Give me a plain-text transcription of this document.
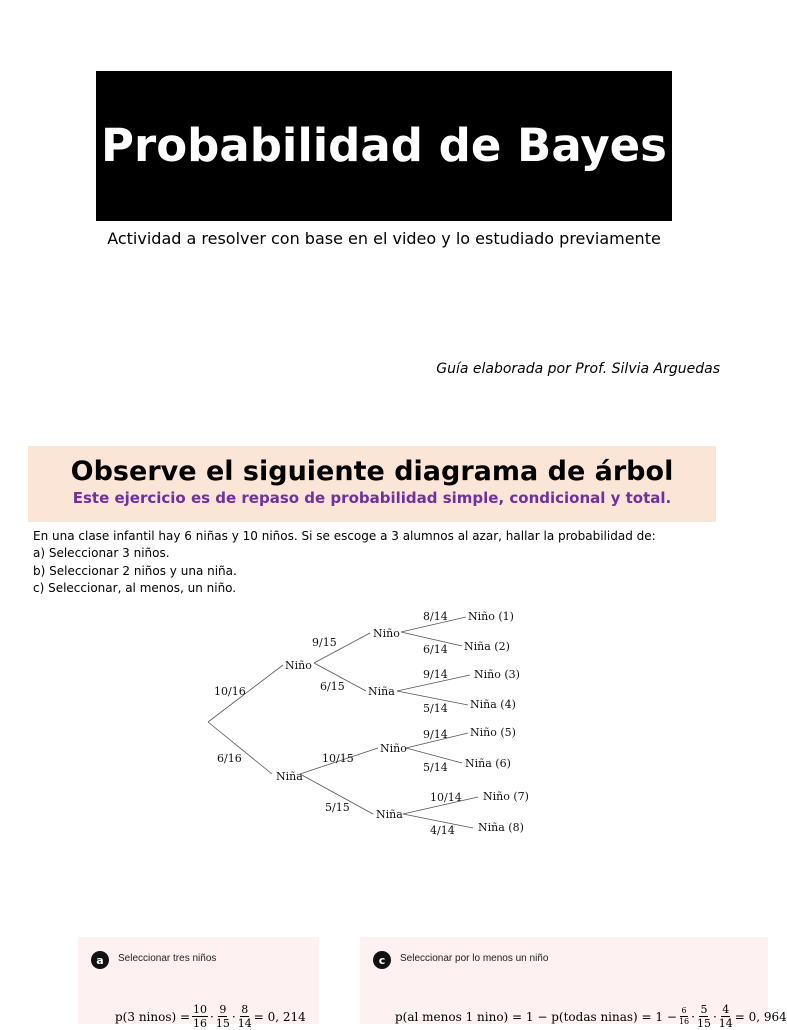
Probabilidad de Bayes
Actividad a resolver con base en el video y lo estudiado previamente
Guía elaborada por Prof. Silvia Arguedas
Observe el siguiente diagrama de árbol
Este ejercicio es de repaso de probabilidad simple, condicional y total.
En una clase infantil hay 6 niñas y 10 niños. Si se escoge a 3 alumnos al azar, hallar la probabilidad de:
a) Seleccionar 3 niños.
b) Seleccionar 2 niños y una niña.
c) Seleccionar, al menos, un niño.
10/16
Niño
6/16
Niña
9/15
Niño
6/15 Niña
10/15
Niño
5/15
Niña
8/14 Niño (1)
6/14 Niña (2)
9/14 Niño (3)
5/14 Niña (4)
9/14 Niño (5)
5/14 Niña (6)
10/14 Niño (7)
4/14 Niña (8)
a	Seleccionar tres niños
p(3 ninos) = $\frac{10}{16} \cdot \frac{9}{15} \cdot \frac{8}{14} = 0$, 214
c	Seleccionar por lo menos un niño
p(al menos 1 nino) = 1 − p(todas ninas) = $1 - \frac{6}{16} \cdot \frac{5}{15} \cdot \frac{4}{14} = 0$, 964
